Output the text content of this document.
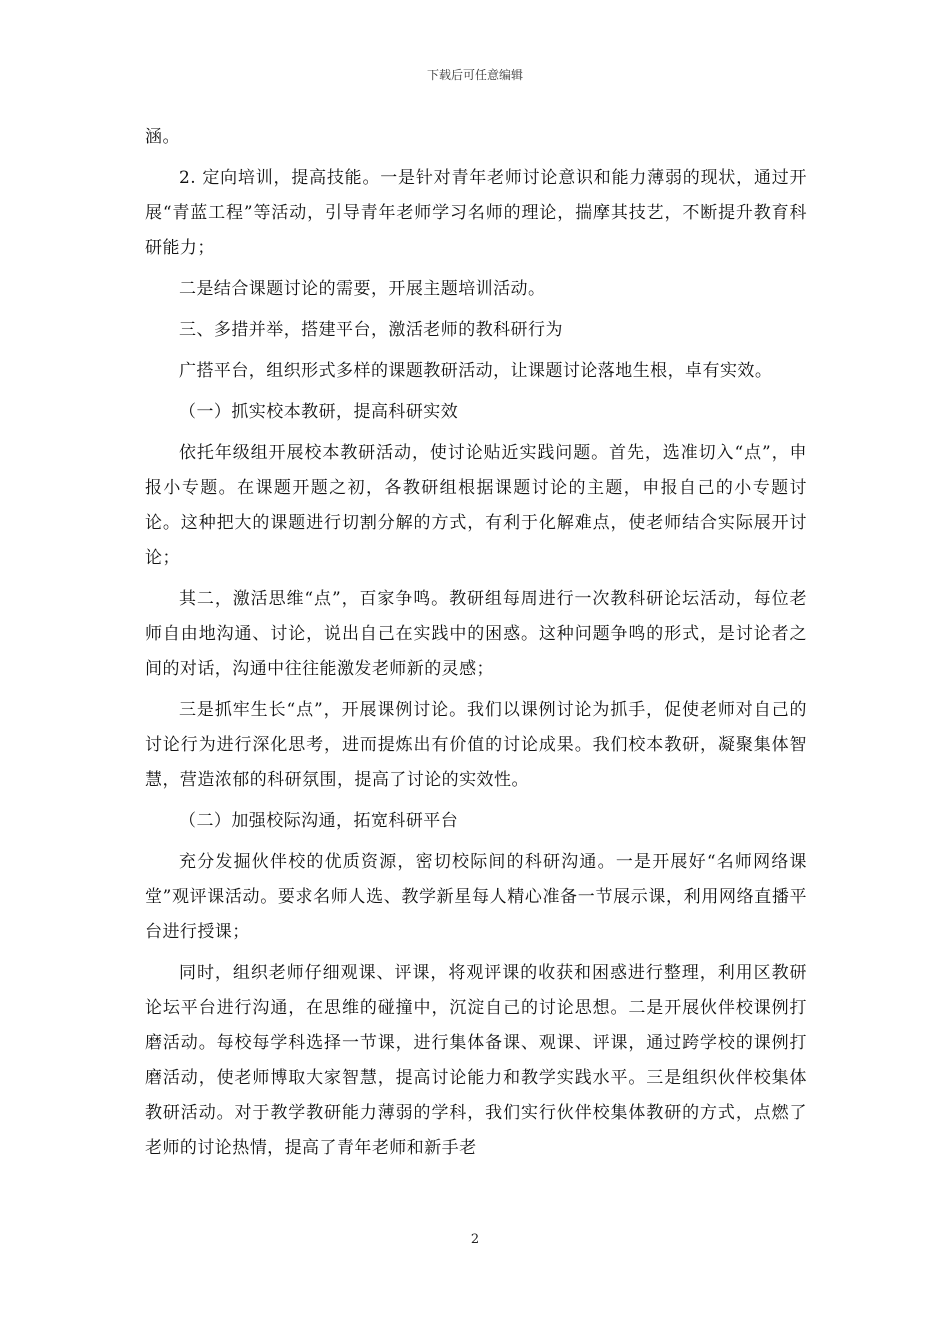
下载后可任意编辑

涵。

2. 定向培训，提高技能。一是针对青年老师讨论意识和能力薄弱的现状，通过开展“青蓝工程”等活动，引导青年老师学习名师的理论，揣摩其技艺，不断提升教育科研能力；

二是结合课题讨论的需要，开展主题培训活动。

三、多措并举，搭建平台，激活老师的教科研行为

广搭平台，组织形式多样的课题教研活动，让课题讨论落地生根，卓有实效。

（一）抓实校本教研，提高科研实效

依托年级组开展校本教研活动，使讨论贴近实践问题。首先，选准切入“点”，申报小专题。在课题开题之初，各教研组根据课题讨论的主题，申报自己的小专题讨论。这种把大的课题进行切割分解的方式，有利于化解难点，使老师结合实际展开讨论；

其二，激活思维“点”，百家争鸣。教研组每周进行一次教科研论坛活动，每位老师自由地沟通、讨论，说出自己在实践中的困惑。这种问题争鸣的形式，是讨论者之间的对话，沟通中往往能激发老师新的灵感；

三是抓牢生长“点”，开展课例讨论。我们以课例讨论为抓手，促使老师对自己的讨论行为进行深化思考，进而提炼出有价值的讨论成果。我们校本教研，凝聚集体智慧，营造浓郁的科研氛围，提高了讨论的实效性。

（二）加强校际沟通，拓宽科研平台

充分发掘伙伴校的优质资源，密切校际间的科研沟通。一是开展好“名师网络课堂”观评课活动。要求名师人选、教学新星每人精心准备一节展示课，利用网络直播平台进行授课；

同时，组织老师仔细观课、评课，将观评课的收获和困惑进行整理，利用区教研论坛平台进行沟通，在思维的碰撞中，沉淀自己的讨论思想。二是开展伙伴校课例打磨活动。每校每学科选择一节课，进行集体备课、观课、评课，通过跨学校的课例打磨活动，使老师博取大家智慧，提高讨论能力和教学实践水平。三是组织伙伴校集体教研活动。对于教学教研能力薄弱的学科，我们实行伙伴校集体教研的方式，点燃了老师的讨论热情，提高了青年老师和新手老

2
